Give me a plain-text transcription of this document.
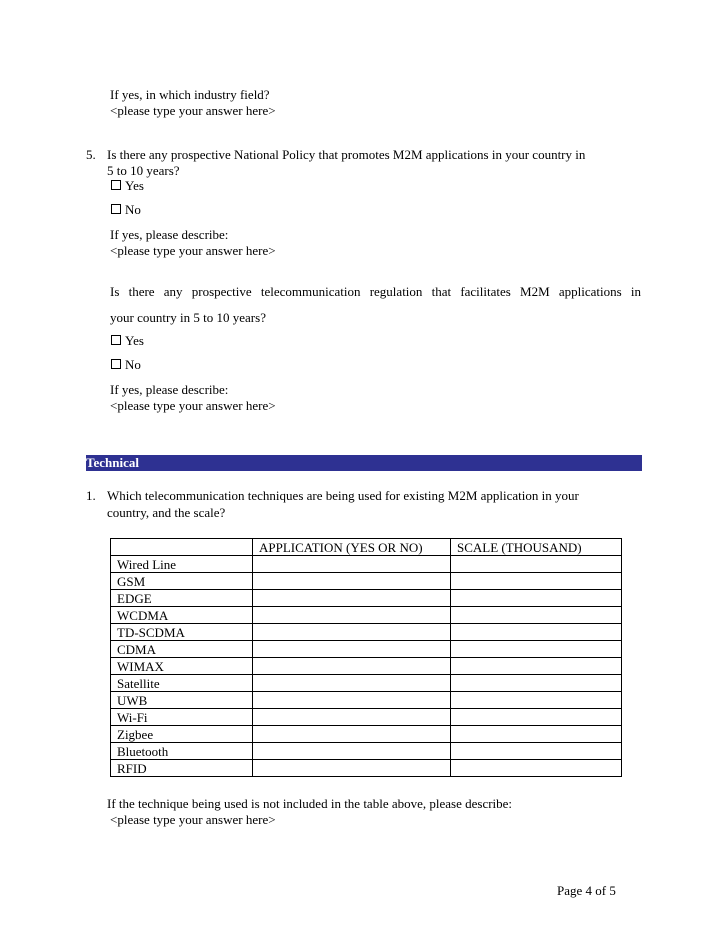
If yes, in which industry field?
<please type your answer here>
5. Is there any prospective National Policy that promotes M2M applications in your country in
5 to 10 years?
Yes
No
If yes, please describe:
<please type your answer here>
Is there any prospective telecommunication regulation that facilitates M2M applications in
your country in 5 to 10 years?
Yes
No
If yes, please describe:
<please type your answer here>
Technical
1. Which telecommunication techniques are being used for existing M2M application in your
country, and the scale?
	APPLICATION (YES OR NO)	SCALE (THOUSAND)
Wired Line		
GSM		
EDGE		
WCDMA		
TD-SCDMA		
CDMA		
WIMAX		
Satellite		
UWB		
Wi-Fi		
Zigbee		
Bluetooth		
RFID		
If the technique being used is not included in the table above, please describe:
<please type your answer here>
Page 4 of 5
